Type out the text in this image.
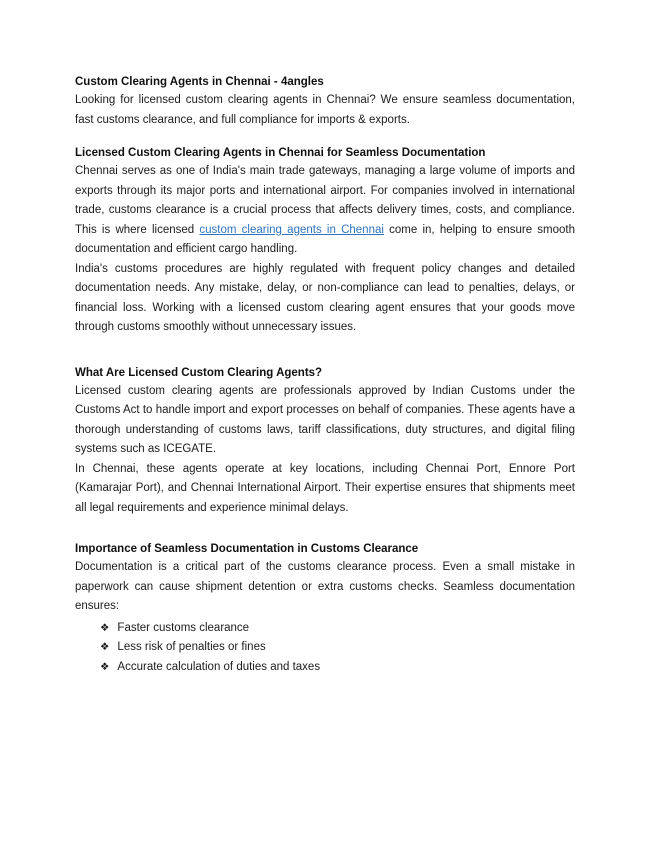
Custom Clearing Agents in Chennai - 4angles

Looking for licensed custom clearing agents in Chennai? We ensure seamless documentation, fast customs clearance, and full compliance for imports & exports.

Licensed Custom Clearing Agents in Chennai for Seamless Documentation

Chennai serves as one of India's main trade gateways, managing a large volume of imports and exports through its major ports and international airport. For companies involved in international trade, customs clearance is a crucial process that affects delivery times, costs, and compliance. This is where licensed custom clearing agents in Chennai come in, helping to ensure smooth documentation and efficient cargo handling.

India's customs procedures are highly regulated with frequent policy changes and detailed documentation needs. Any mistake, delay, or non-compliance can lead to penalties, delays, or financial loss. Working with a licensed custom clearing agent ensures that your goods move through customs smoothly without unnecessary issues.

What Are Licensed Custom Clearing Agents?

Licensed custom clearing agents are professionals approved by Indian Customs under the Customs Act to handle import and export processes on behalf of companies. These agents have a thorough understanding of customs laws, tariff classifications, duty structures, and digital filing systems such as ICEGATE.

In Chennai, these agents operate at key locations, including Chennai Port, Ennore Port (Kamarajar Port), and Chennai International Airport. Their expertise ensures that shipments meet all legal requirements and experience minimal delays.

Importance of Seamless Documentation in Customs Clearance

Documentation is a critical part of the customs clearance process. Even a small mistake in paperwork can cause shipment detention or extra customs checks. Seamless documentation ensures:

❖ Faster customs clearance
❖ Less risk of penalties or fines
❖ Accurate calculation of duties and taxes
